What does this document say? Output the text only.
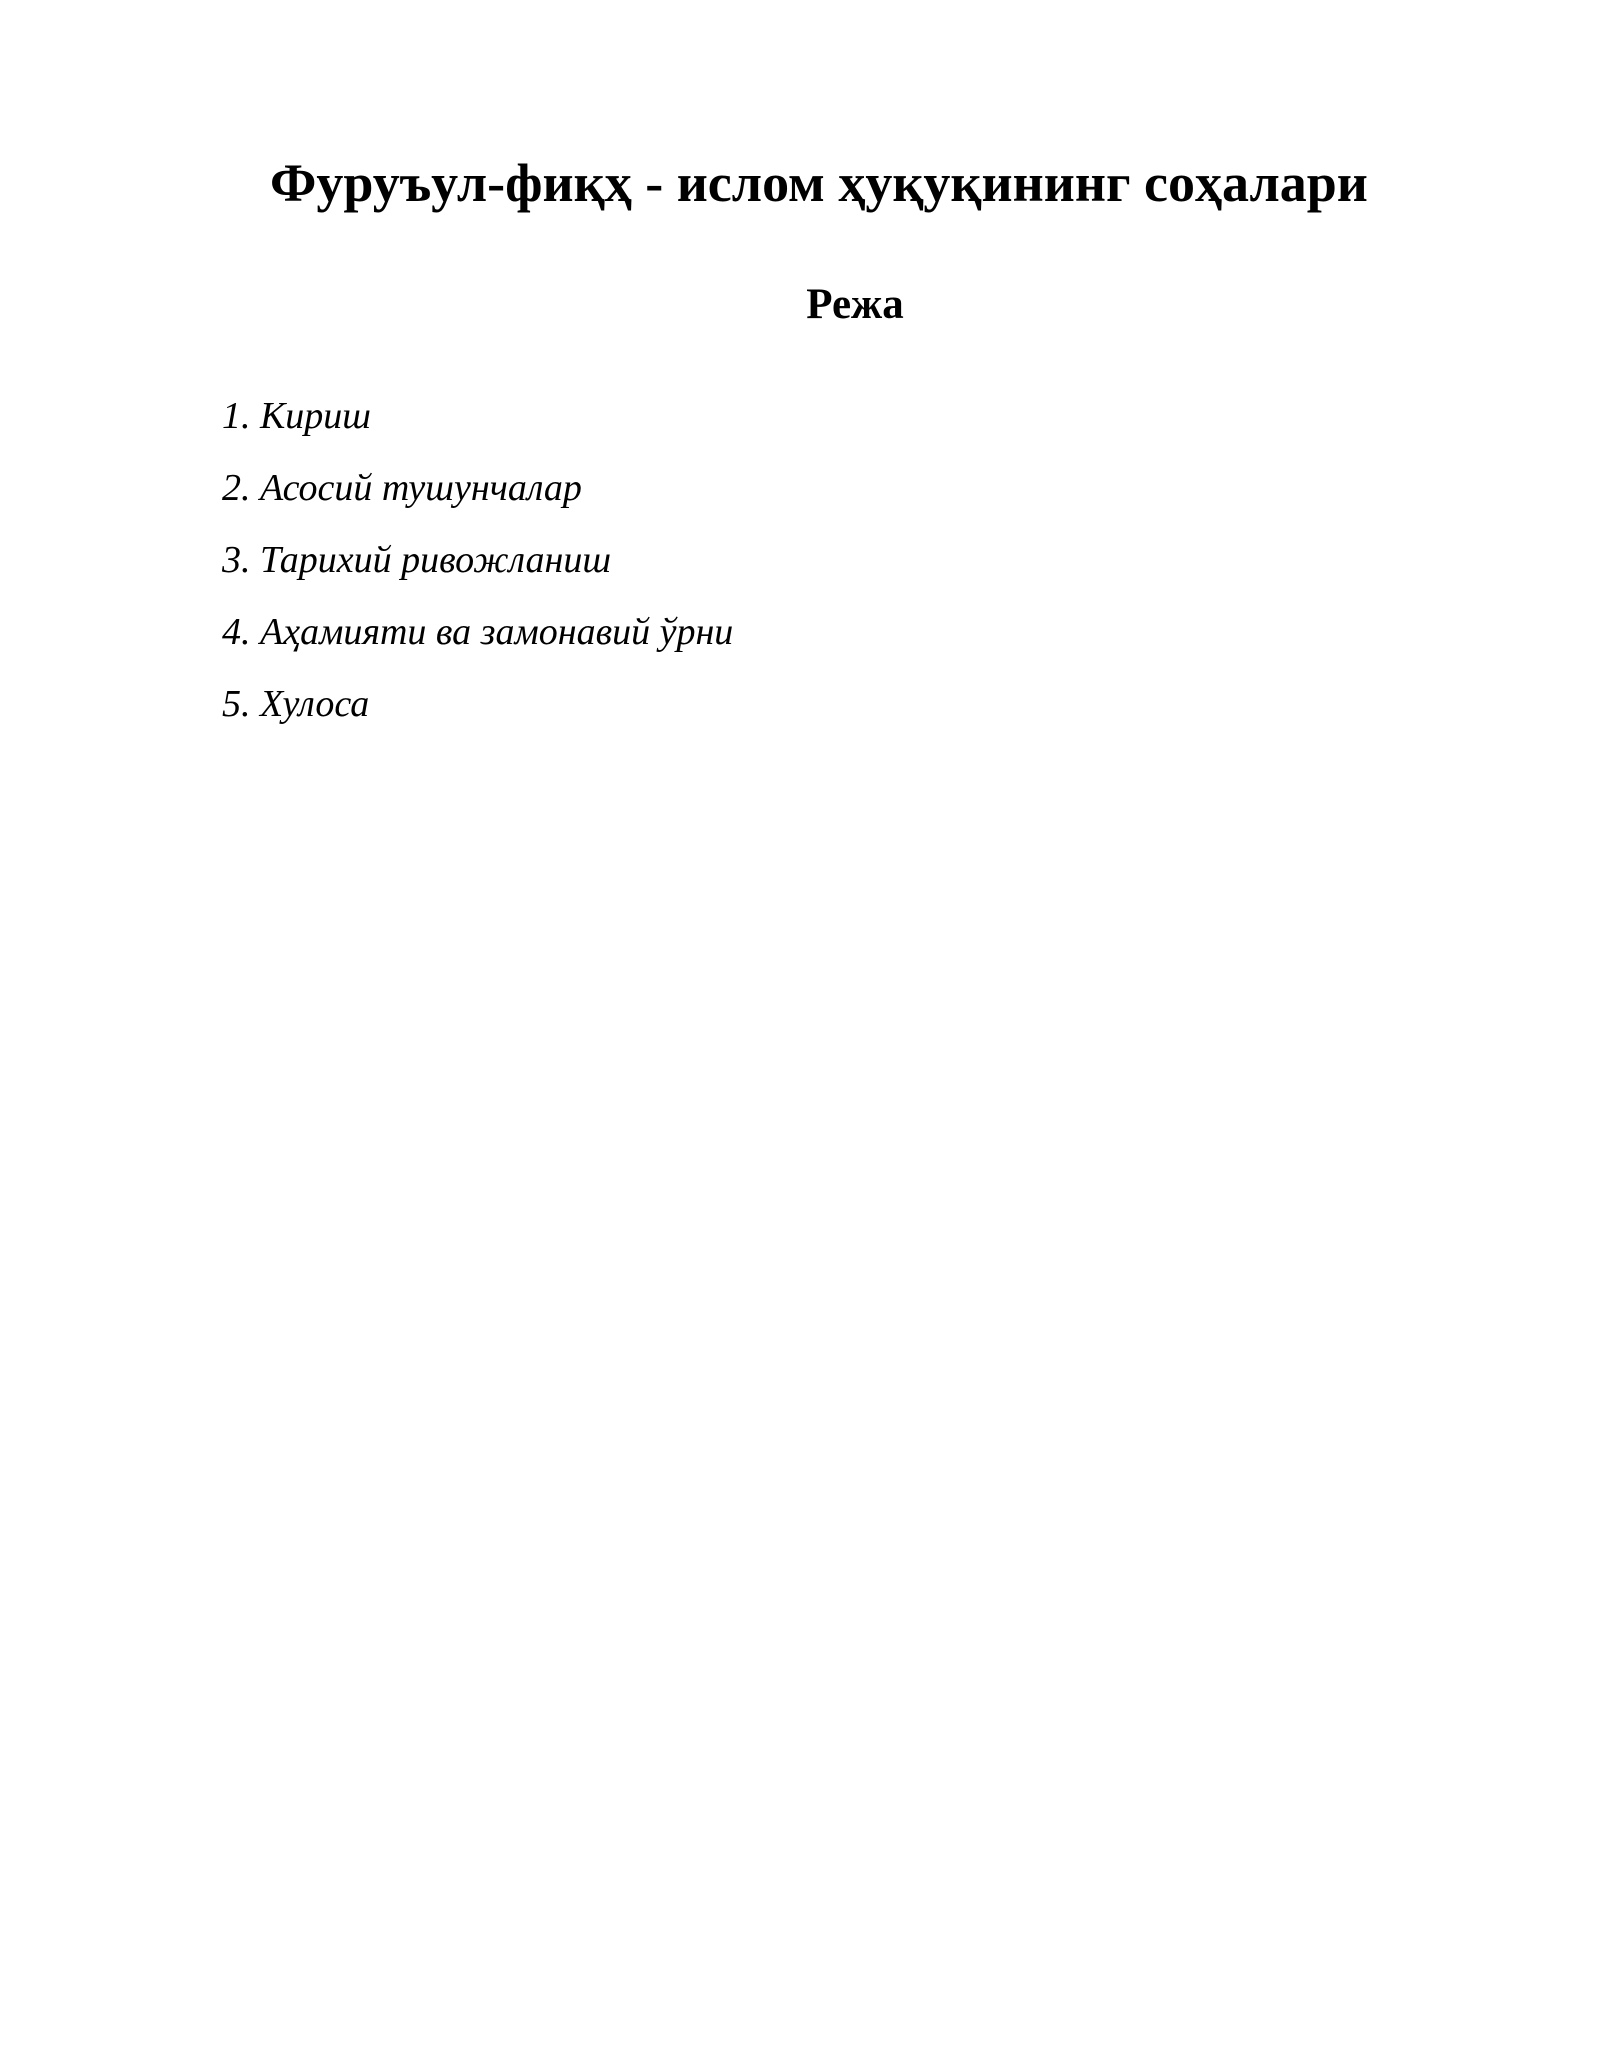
Фуруъул-фиқҳ - ислом ҳуқуқининг соҳалари
Режа
1. Кириш
2. Асосий тушунчалар
3. Тарихий ривожланиш
4. Аҳамияти ва замонавий ўрни
5. Хулоса
